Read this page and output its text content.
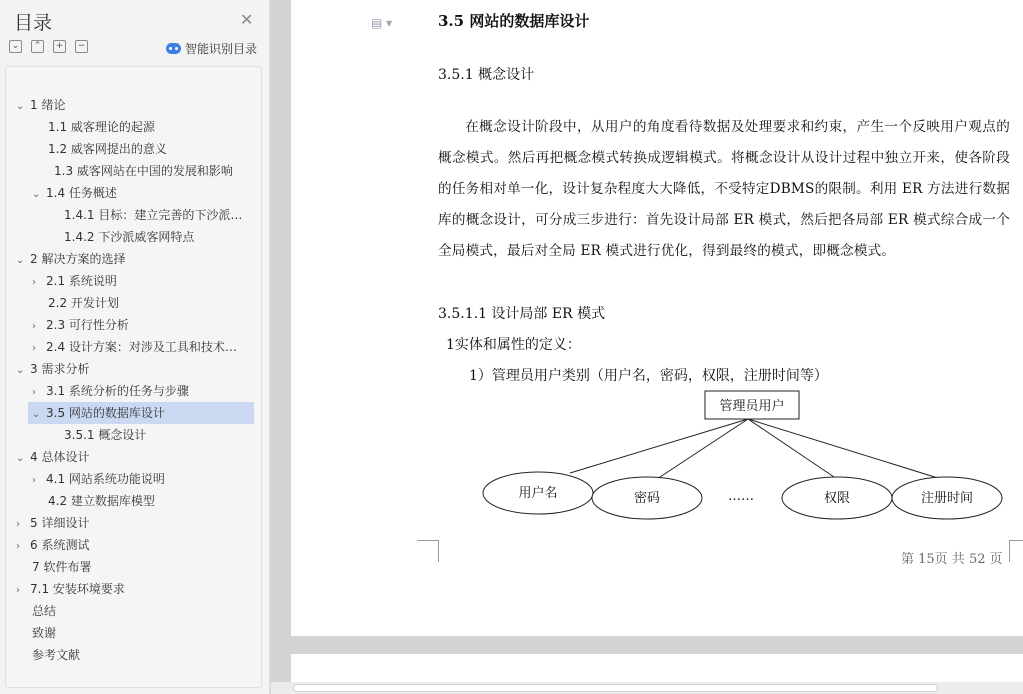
目录	✕
⌄	⌃	+	−	智能识别目录
⌄ 1 绪论
1.1 威客理论的起源
1.2 威客网提出的意义
1.3 威客网站在中国的发展和影响
⌄ 1.4 任务概述
1.4.1 目标：建立完善的下沙派…
1.4.2 下沙派威客网特点
⌄ 2 解决方案的选择
› 2.1 系统说明
2.2 开发计划
› 2.3 可行性分析
› 2.4 设计方案：对涉及工具和技术…
⌄ 3 需求分析
› 3.1 系统分析的任务与步骤
⌄ 3.5 网站的数据库设计
3.5.1 概念设计
⌄ 4 总体设计
› 4.1 网站系统功能说明
4.2 建立数据库模型
› 5 详细设计
› 6 系统测试
7 软件布署
› 7.1 安装环境要求
总结
致谢
参考文献
▤ ▾	3.5 网站的数据库设计
3.5.1 概念设计
在概念设计阶段中，从用户的角度看待数据及处理要求和约束，产生一个反映用户观点的概念模式。然后再把概念模式转换成逻辑模式。将概念设计从设计过程中独立开来，使各阶段的任务相对单一化，设计复杂程度大大降低，不受特定DBMS的限制。利用 ER 方法进行数据库的概念设计，可分成三步进行：首先设计局部 ER 模式，然后把各局部 ER 模式综合成一个全局模式，最后对全局 ER 模式进行优化，得到最终的模式，即概念模式。
3.5.1.1 设计局部 ER 模式
1实体和属性的定义：
1）管理员用户类别（用户名，密码，权限，注册时间等）
管理员用户
用户名	密码	……	权限	注册时间
第 15页 共 52 页
